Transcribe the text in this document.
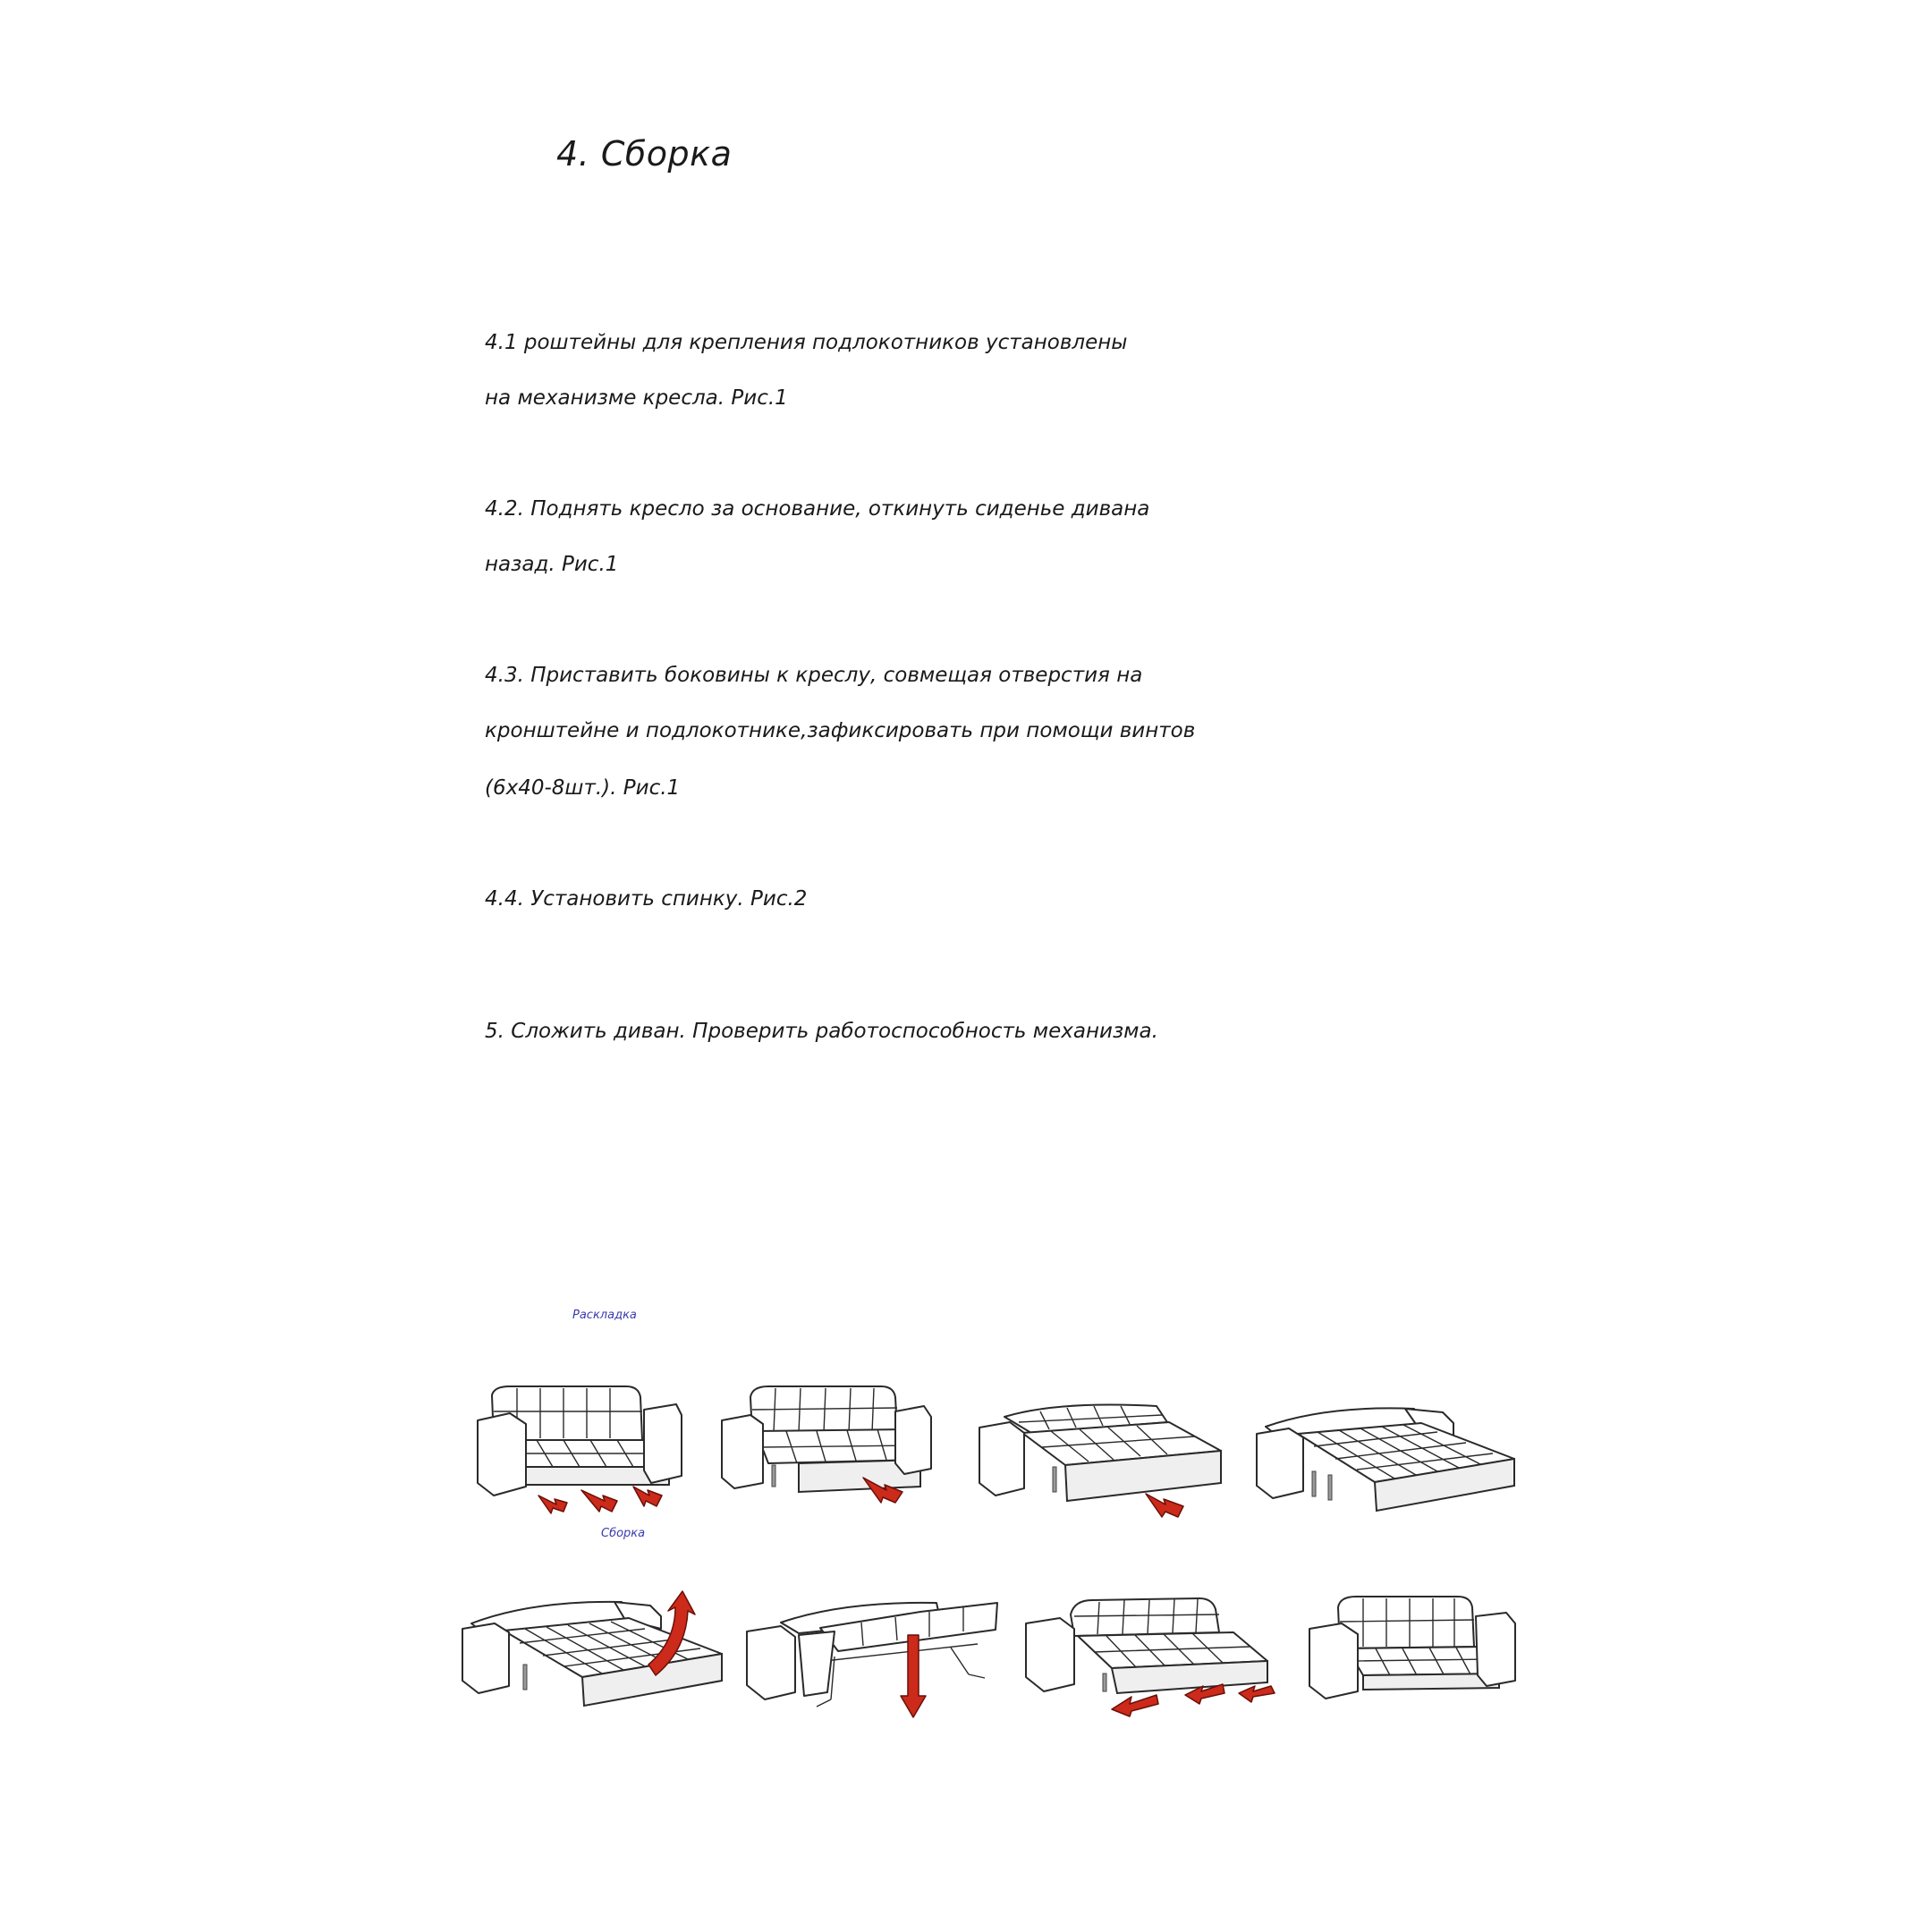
4. Сборка

4.1 роштейны для крепления подлокотников установлены

на механизме кресла. Рис.1

4.2. Поднять кресло за основание, откинуть сиденье дивана

назад. Рис.1

4.3. Приставить боковины к креслу, совмещая отверстия на

кронштейне и подлокотнике,зафиксировать при помощи винтов

(6х40-8шт.). Рис.1

4.4. Установить спинку. Рис.2

5. Сложить диван. Проверить работоспособность механизма.

Раскладка
Сборка
